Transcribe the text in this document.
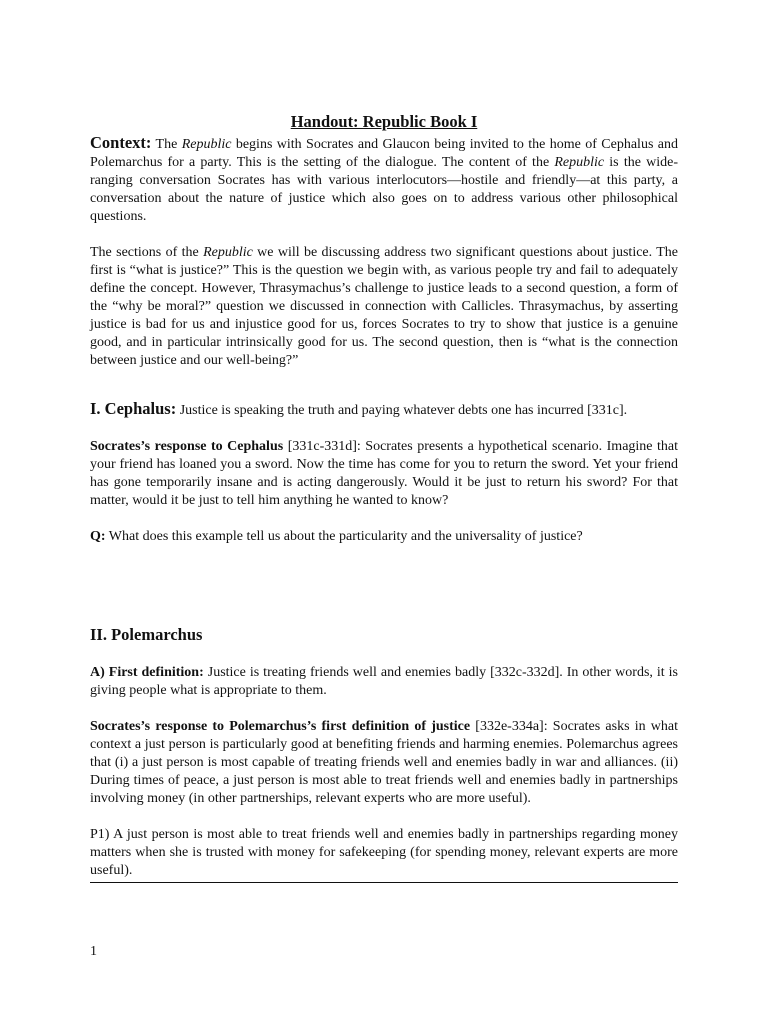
Handout: Republic Book I

Context: The Republic begins with Socrates and Glaucon being invited to the home of Cephalus and Polemarchus for a party. This is the setting of the dialogue. The content of the Republic is the wide-ranging conversation Socrates has with various interlocutors—hostile and friendly—at this party, a conversation about the nature of justice which also goes on to address various other philosophical questions.

The sections of the Republic we will be discussing address two significant questions about justice. The first is “what is justice?” This is the question we begin with, as various people try and fail to adequately define the concept. However, Thrasymachus’s challenge to justice leads to a second question, a form of the “why be moral?” question we discussed in connection with Callicles. Thrasymachus, by asserting justice is bad for us and injustice good for us, forces Socrates to try to show that justice is a genuine good, and in particular intrinsically good for us. The second question, then is “what is the connection between justice and our well-being?”

I. Cephalus: Justice is speaking the truth and paying whatever debts one has incurred [331c].

Socrates’s response to Cephalus [331c-331d]: Socrates presents a hypothetical scenario. Imagine that your friend has loaned you a sword. Now the time has come for you to return the sword. Yet your friend has gone temporarily insane and is acting dangerously. Would it be just to return his sword? For that matter, would it be just to tell him anything he wanted to know?

Q: What does this example tell us about the particularity and the universality of justice?

II. Polemarchus

A) First definition: Justice is treating friends well and enemies badly [332c-332d]. In other words, it is giving people what is appropriate to them.

Socrates’s response to Polemarchus’s first definition of justice [332e-334a]: Socrates asks in what context a just person is particularly good at benefiting friends and harming enemies. Polemarchus agrees that (i) a just person is most capable of treating friends well and enemies badly in war and alliances. (ii) During times of peace, a just person is most able to treat friends well and enemies badly in partnerships involving money (in other partnerships, relevant experts who are more useful).

P1) A just person is most able to treat friends well and enemies badly in partnerships regarding money matters when she is trusted with money for safekeeping (for spending money, relevant experts are more useful).

1
